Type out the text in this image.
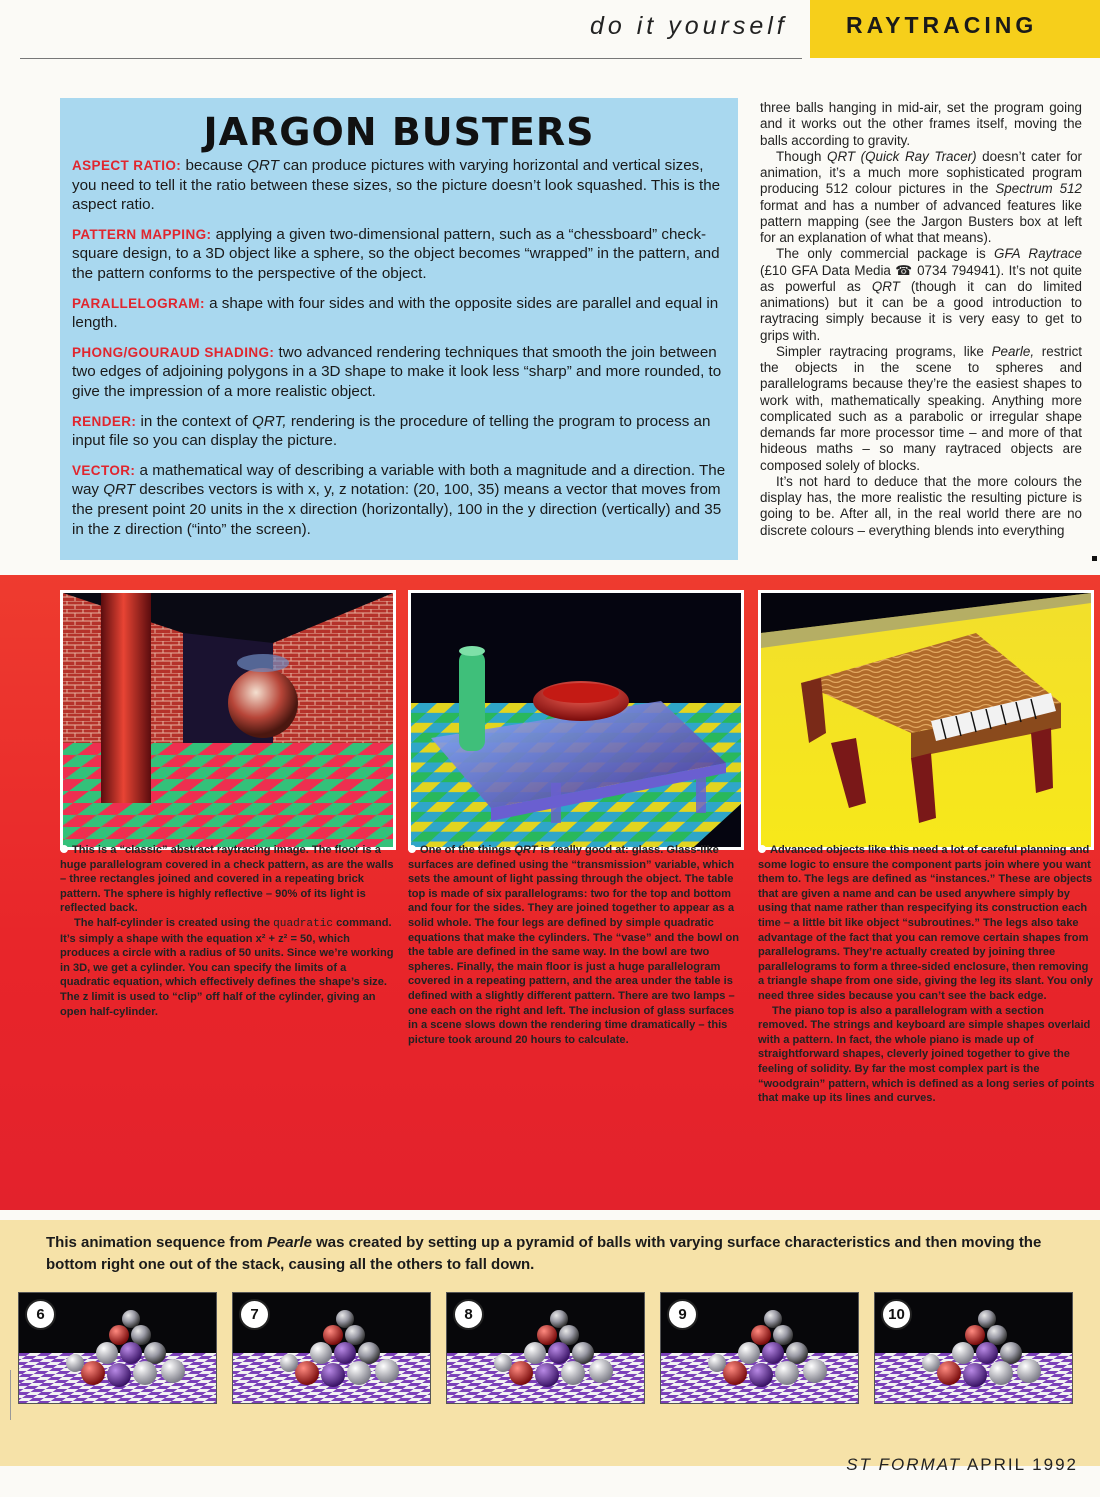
do it yourself	RAYTRACING
JARGON BUSTERS

ASPECT RATIO: because QRT can produce pictures with varying horizontal and vertical sizes, you need to tell it the ratio between these sizes, so the picture doesn’t look squashed. This is the aspect ratio.

PATTERN MAPPING: applying a given two-dimensional pattern, such as a “chessboard” check-square design, to a 3D object like a sphere, so the object becomes “wrapped” in the pattern, and the pattern conforms to the perspective of the object.

PARALLELOGRAM: a shape with four sides and with the opposite sides are parallel and equal in length.

PHONG/GOURAUD SHADING: two advanced rendering techniques that smooth the join between two edges of adjoining polygons in a 3D shape to make it look less “sharp” and more rounded, to give the impression of a more realistic object.

RENDER: in the context of QRT, rendering is the procedure of telling the program to process an input file so you can display the picture.

VECTOR: a mathematical way of describing a variable with both a magnitude and a direction. The way QRT describes vectors is with x, y, z notation: (20, 100, 35) means a vector that moves from the present point 20 units in the x direction (horizontally), 100 in the y direction (vertically) and 35 in the z direction (“into” the screen).

three balls hanging in mid-air, set the program going and it works out the other frames itself, moving the balls according to gravity.

Though QRT (Quick Ray Tracer) doesn’t cater for animation, it’s a much more sophisticated program producing 512 colour pictures in the Spectrum 512 format and has a number of advanced features like pattern mapping (see the Jargon Busters box at left for an explanation of what that means).

The only commercial package is GFA Raytrace (£10 GFA Data Media ☎ 0734 794941). It’s not quite as powerful as QRT (though it can do limited animations) but it can be a good introduction to raytracing simply because it is very easy to get to grips with.

Simpler raytracing programs, like Pearle, restrict the objects in the scene to spheres and parallelograms because they’re the easiest shapes to work with, mathematically speaking. Anything more complicated such as a parabolic or irregular shape demands far more processor time – and more of that hideous maths – so many raytraced objects are composed solely of blocks.

It’s not hard to deduce that the more colours the display has, the more realistic the resulting picture is going to be. After all, in the real world there are no discrete colours – everything blends into everything

This is a “classic” abstract raytracing image. The floor is a huge parallelogram covered in a check pattern, as are the walls – three rectangles joined and covered in a repeating brick pattern. The sphere is highly reflective – 90% of its light is reflected back.

The half-cylinder is created using the quadratic command. It’s simply a shape with the equation x² + z² = 50, which produces a circle with a radius of 50 units. Since we’re working in 3D, we get a cylinder. You can specify the limits of a quadratic equation, which effectively defines the shape’s size. The z limit is used to “clip” off half of the cylinder, giving an open half-cylinder.

One of the things QRT is really good at: glass. Glass-like surfaces are defined using the “transmission” variable, which sets the amount of light passing through the object. The table top is made of six parallelograms: two for the top and bottom and four for the sides. They are joined together to appear as a solid whole. The four legs are defined by simple quadratic equations that make the cylinders. The “vase” and the bowl on the table are defined in the same way. In the bowl are two spheres. Finally, the main floor is just a huge parallelogram covered in a repeating pattern, and the area under the table is defined with a slightly different pattern. There are two lamps – one each on the right and left. The inclusion of glass surfaces in a scene slows down the rendering time dramatically – this picture took around 20 hours to calculate.

Advanced objects like this need a lot of careful planning and some logic to ensure the component parts join where you want them to. The legs are defined as “instances.” These are objects that are given a name and can be used anywhere simply by using that name rather than respecifying its construction each time – a little bit like object “subroutines.” The legs also take advantage of the fact that you can remove certain shapes from parallelograms. They’re actually created by joining three parallelograms to form a three-sided enclosure, then removing a triangle shape from one side, giving the leg its slant. You only need three sides because you can’t see the back edge.

The piano top is also a parallelogram with a section removed. The strings and keyboard are simple shapes overlaid with a pattern. In fact, the whole piano is made up of straightforward shapes, cleverly joined together to give the feeling of solidity. By far the most complex part is the “woodgrain” pattern, which is defined as a long series of points that make up its lines and curves.

This animation sequence from Pearle was created by setting up a pyramid of balls with varying surface characteristics and then moving the bottom right one out of the stack, causing all the others to fall down.
6	7	8	9	10
ST FORMAT APRIL 1992
